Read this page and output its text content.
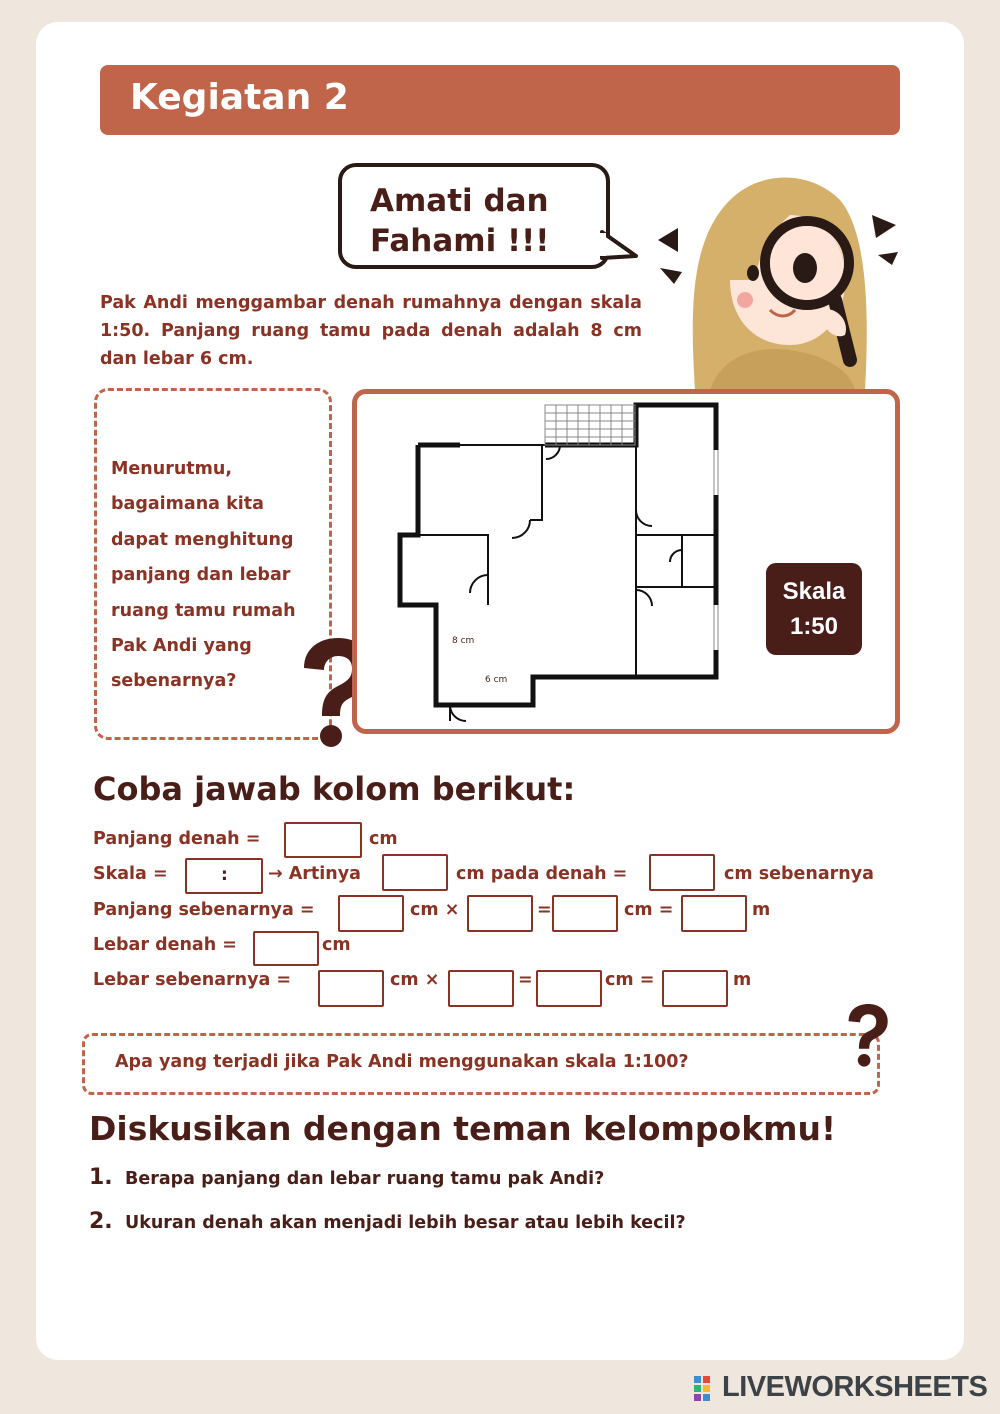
Kegiatan 2
Amati dan
Fahami !!!
Pak Andi menggambar denah rumahnya dengan skala 1:50. Panjang ruang tamu pada denah adalah 8 cm dan lebar 6 cm.
Menurutmu,
bagaimana kita
dapat menghitung
panjang dan lebar
ruang tamu rumah
Pak Andi yang
sebenarnya?
8 cm
6 cm
Skala
1:50
Coba jawab kolom berikut:
Panjang denah =	cm
Skala =	: → Artinya	cm pada denah =	cm sebenarnya
Panjang sebenarnya =	cm ×	=	cm =	m
Lebar denah =	cm
Lebar sebenarnya =	cm ×	=	cm =	m
Apa yang terjadi jika Pak Andi menggunakan skala 1:100?
Diskusikan dengan teman kelompokmu!
1. Berapa panjang dan lebar ruang tamu pak Andi?
2. Ukuran denah akan menjadi lebih besar atau lebih kecil?
LIVEWORKSHEETS
